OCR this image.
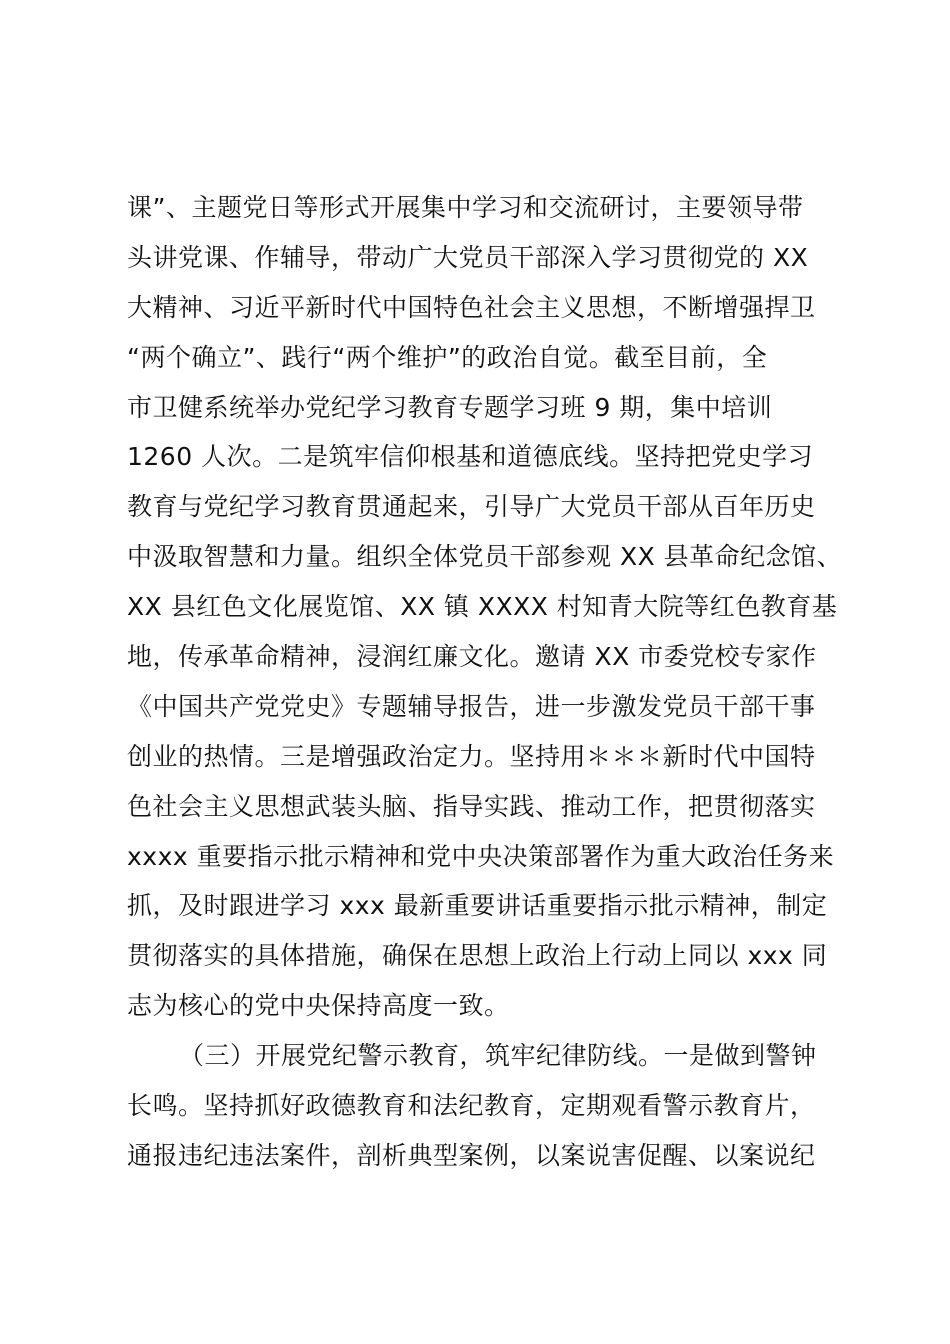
课”、主题党日等形式开展集中学习和交流研讨，主要领导带
头讲党课、作辅导，带动广大党员干部深入学习贯彻党的 XX
大精神、习近平新时代中国特色社会主义思想，不断增强捍卫
“两个确立”、践行“两个维护”的政治自觉。截至目前，全
市卫健系统举办党纪学习教育专题学习班 9 期，集中培训
1260 人次。二是筑牢信仰根基和道德底线。坚持把党史学习
教育与党纪学习教育贯通起来，引导广大党员干部从百年历史
中汲取智慧和力量。组织全体党员干部参观 XX 县革命纪念馆、
XX 县红色文化展览馆、XX 镇 XXXX 村知青大院等红色教育基
地，传承革命精神，浸润红廉文化。邀请 XX 市委党校专家作
《中国共产党党史》专题辅导报告，进一步激发党员干部干事
创业的热情。三是增强政治定力。坚持用＊＊＊新时代中国特
色社会主义思想武装头脑、指导实践、推动工作，把贯彻落实
xxxx 重要指示批示精神和党中央决策部署作为重大政治任务来
抓，及时跟进学习 xxx 最新重要讲话重要指示批示精神，制定
贯彻落实的具体措施，确保在思想上政治上行动上同以 xxx 同
志为核心的党中央保持高度一致。
（三）开展党纪警示教育，筑牢纪律防线。一是做到警钟
长鸣。坚持抓好政德教育和法纪教育，定期观看警示教育片，
通报违纪违法案件，剖析典型案例，以案说害促醒、以案说纪
